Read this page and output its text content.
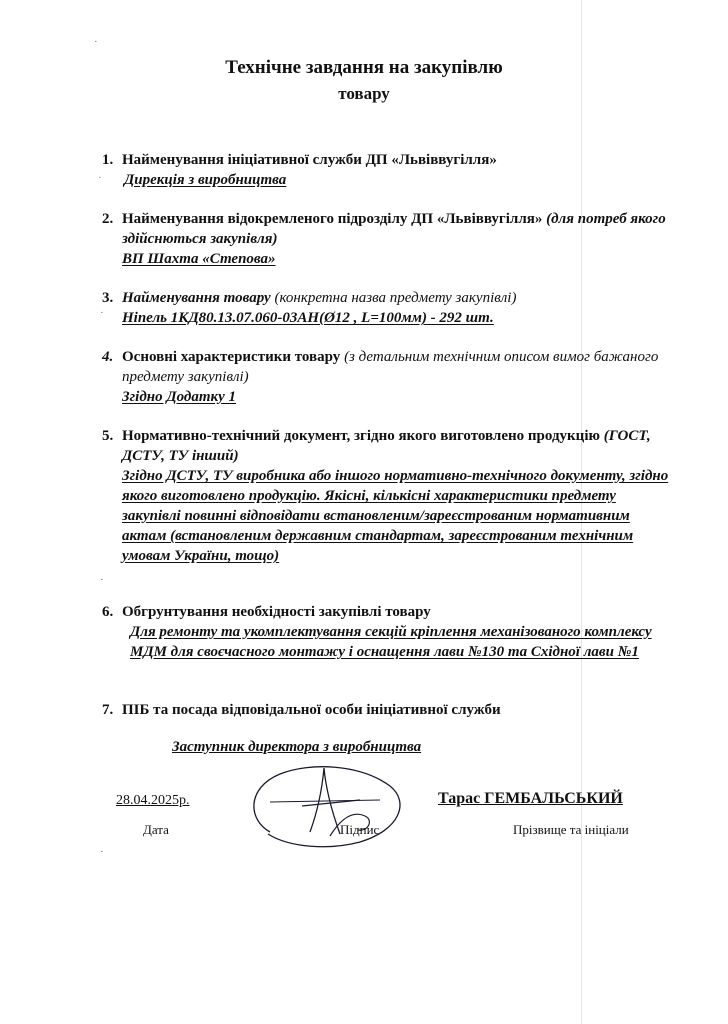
Технічне завдання на закупівлю
товару
1. Найменування ініціативної служби ДП «Львіввугілля»
Дирекція з виробництва
2. Найменування відокремленого підрозділу ДП «Львіввугілля» (для потреб якого здійснються закупівля)
ВП Шахта «Степова»
3. Найменування товару (конкретна назва предмету закупівлі)
Ніпель 1КД80.13.07.060-03АН(Ø12 , L=100мм) - 292 шт.
4. Основні характеристики товару (з детальним технічним описом вимог бажаного предмету закупівлі)
Згідно Додатку 1
5. Нормативно-технічний документ, згідно якого виготовлено продукцію (ГОСТ, ДСТУ, ТУ інший)
Згідно ДСТУ, ТУ виробника або іншого нормативно-технічного документу, згідно якого виготовлено продукцію. Якісні, кількісні характеристики предмету закупівлі повинні відповідати встановленим/зареєстрованим нормативним актам (встановленим державним стандартам, зареєстрованим технічним умовам України, тощо)
6. Обгрунтування необхідності закупівлі товару
Для ремонту та укомплектування секцій кріплення механізованого комплексу МДМ для своєчасного монтажу і оснащення лави №130 та Східної лави №1
7. ПІБ та посада відповідальної особи ініціативної служби
Заступник директора з виробництва
28.04.2025р.
Дата	Підпис
Тарас ГЕМБАЛЬСЬКИЙ
Прізвище та ініціали
·
·
·
·
·
